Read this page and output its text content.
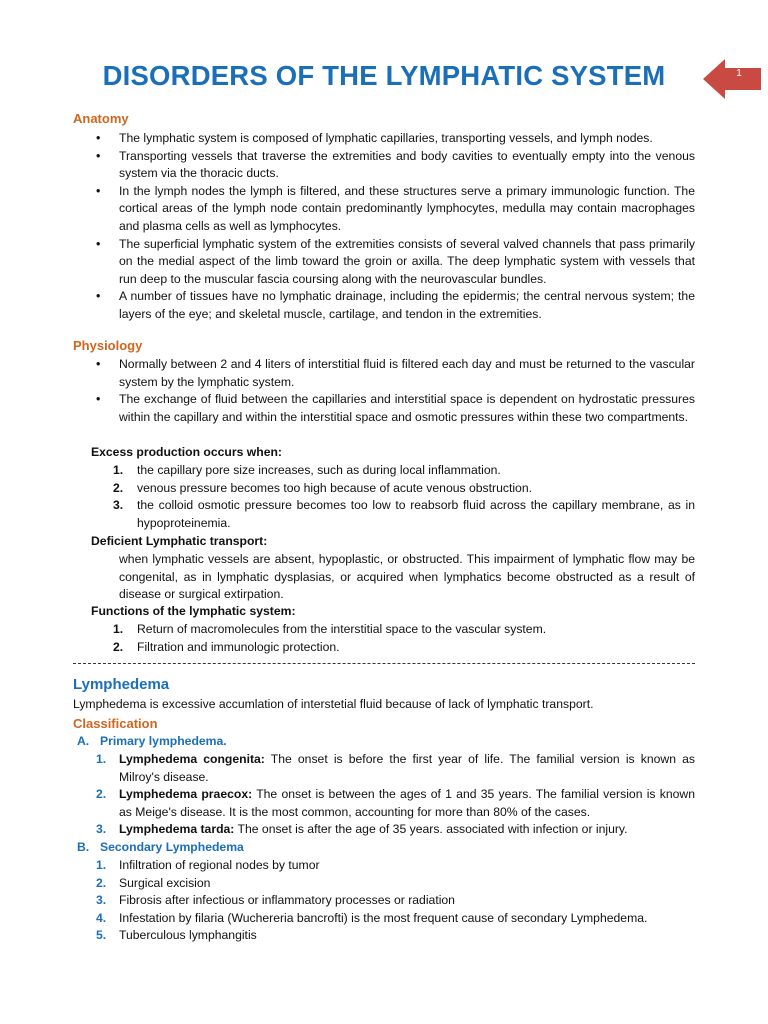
DISORDERS OF THE LYMPHATIC SYSTEM	1
Anatomy
• The lymphatic system is composed of lymphatic capillaries, transporting vessels, and lymph nodes.
• Transporting vessels that traverse the extremities and body cavities to eventually empty into the venous system via the thoracic ducts.
• In the lymph nodes the lymph is filtered, and these structures serve a primary immunologic function. The cortical areas of the lymph node contain predominantly lymphocytes, medulla may contain macrophages and plasma cells as well as lymphocytes.
• The superficial lymphatic system of the extremities consists of several valved channels that pass primarily on the medial aspect of the limb toward the groin or axilla. The deep lymphatic system with vessels that run deep to the muscular fascia coursing along with the neurovascular bundles.
• A number of tissues have no lymphatic drainage, including the epidermis; the central nervous system; the layers of the eye; and skeletal muscle, cartilage, and tendon in the extremities.
Physiology
• Normally between 2 and 4 liters of interstitial fluid is filtered each day and must be returned to the vascular system by the lymphatic system.
• The exchange of fluid between the capillaries and interstitial space is dependent on hydrostatic pressures within the capillary and within the interstitial space and osmotic pressures within these two compartments.
Excess production occurs when:
1. the capillary pore size increases, such as during local inflammation.
2. venous pressure becomes too high because of acute venous obstruction.
3. the colloid osmotic pressure becomes too low to reabsorb fluid across the capillary membrane, as in hypoproteinemia.
Deficient Lymphatic transport:

when lymphatic vessels are absent, hypoplastic, or obstructed. This impairment of lymphatic flow may be congenital, as in lymphatic dysplasias, or acquired when lymphatics become obstructed as a result of disease or surgical extirpation.

Functions of the lymphatic system:
1. Return of macromolecules from the interstitial space to the vascular system.
2. Filtration and immunologic protection.
Lymphedema

Lymphedema is excessive accumlation of interstetial fluid because of lack of lymphatic transport.

Classification
A. Primary lymphedema.
1. Lymphedema congenita: The onset is before the first year of life. The familial version is known as Milroy's disease.
2. Lymphedema praecox: The onset is between the ages of 1 and 35 years. The familial version is known as Meige's disease. It is the most common, accounting for more than 80% of the cases.
3. Lymphedema tarda: The onset is after the age of 35 years. associated with infection or injury.
B. Secondary Lymphedema
1. Infiltration of regional nodes by tumor
2. Surgical excision
3. Fibrosis after infectious or inflammatory processes or radiation
4. Infestation by filaria (Wuchereria bancrofti) is the most frequent cause of secondary Lymphedema.
5. Tuberculous lymphangitis
